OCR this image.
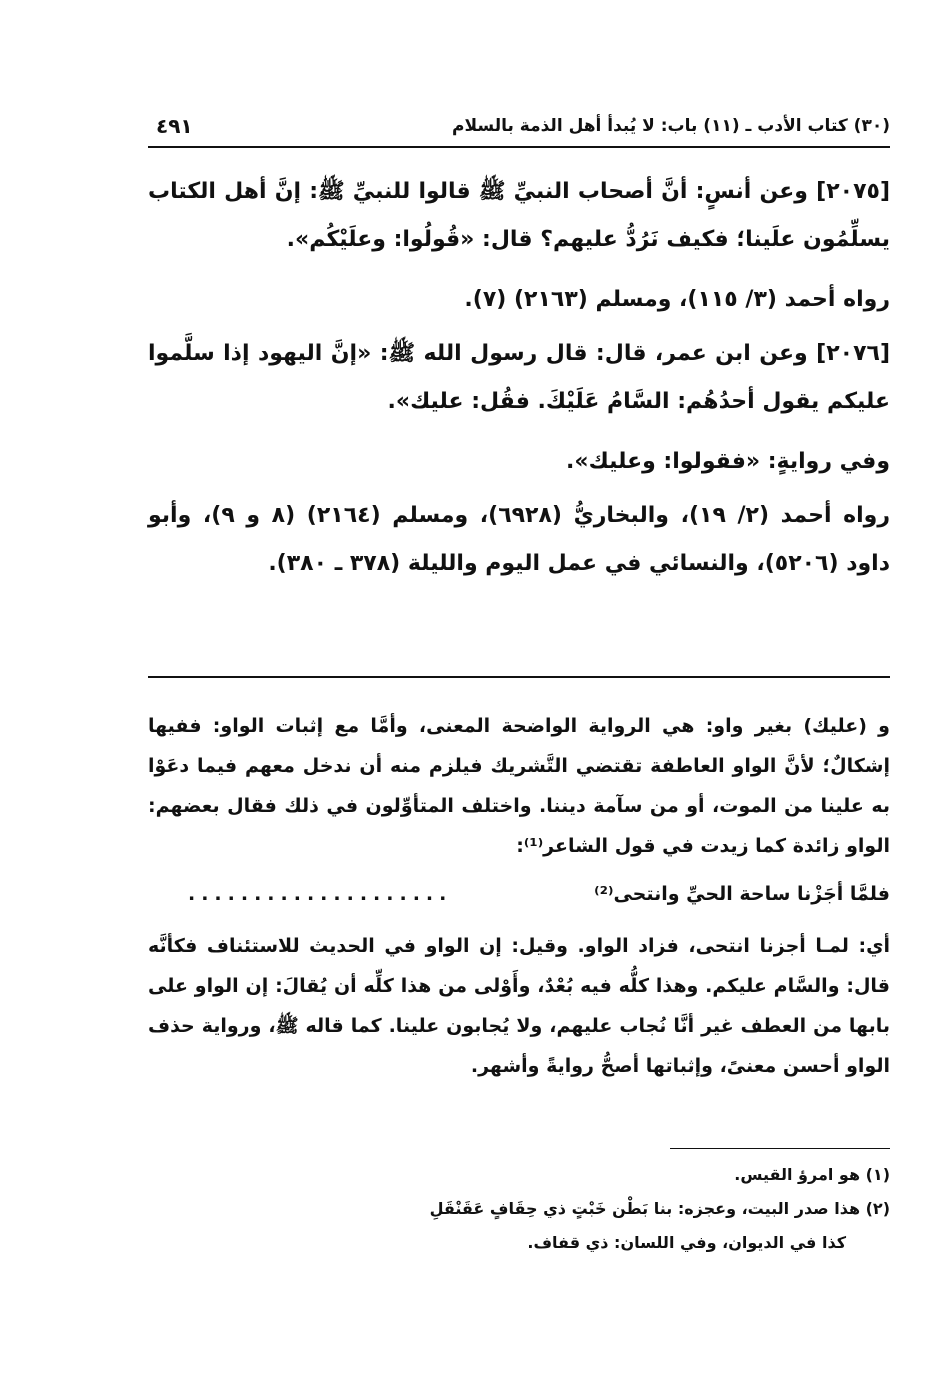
(٣٠) كتاب الأدب ـ (١١) باب: لا يُبدأ أهل الذمة بالسلام
٤٩١

[٢٠٧٥] وعن أنسٍ: أنَّ أصحاب النبيِّ ﷺ قالوا للنبيِّ ﷺ: إنَّ أهل الكتاب يسلِّمُون علَينا؛ فكيف نَرُدُّ عليهم؟ قال: «قُولُوا: وعلَيْكُم».

رواه أحمد (٣/ ١١٥)، ومسلم (٢١٦٣) (٧).

[٢٠٧٦] وعن ابن عمر، قال: قال رسول الله ﷺ: «إنَّ اليهود إذا سلَّموا عليكم يقول أحدُهُم: السَّامُ عَلَيْكَ. فقُل: عليك».

وفي روايةٍ: «فقولوا: وعليك».

رواه أحمد (٢/ ١٩)، والبخاريُّ (٦٩٢٨)، ومسلم (٢١٦٤) (٨ و ٩)، وأبو داود (٥٢٠٦)، والنسائي في عمل اليوم والليلة (٣٧٨ ـ ٣٨٠).

و (عليك) بغير واو: هي الرواية الواضحة المعنى، وأمَّا مع إثبات الواو: ففيها إشكالٌ؛ لأنَّ الواو العاطفة تقتضي التَّشريك فيلزم منه أن ندخل معهم فيما دعَوْا به علينا من الموت، أو من سآمة ديننا. واختلف المتأوِّلون في ذلك فقال بعضهم: الواو زائدة كما زيدت في قول الشاعر⁽¹⁾:

فلمَّا أجَزْنا ساحة الحيِّ وانتحى⁽²⁾
....................

أي: لمـا أجزنا انتحى، فزاد الواو. وقيل: إن الواو في الحديث للاستئناف فكأنَّه قال: والسَّام عليكم. وهذا كلُّه فيه بُعْدٌ، وأَوْلى من هذا كلِّه أن يُقالَ: إن الواو على بابها من العطف غير أنَّا نُجاب عليهم، ولا يُجابون علينا. كما قاله ﷺ، ورواية حذف الواو أحسن معنىً، وإثباتها أصحُّ روايةً وأشهر.

(١) هو امرؤ القيس.

(٢) هذا صدر البيت، وعجزه: بنا بَطْن خَبْتٍ ذي حِقَافٍ عَقَنْقَلِ

كذا في الديوان، وفي اللسان: ذي قفاف.
